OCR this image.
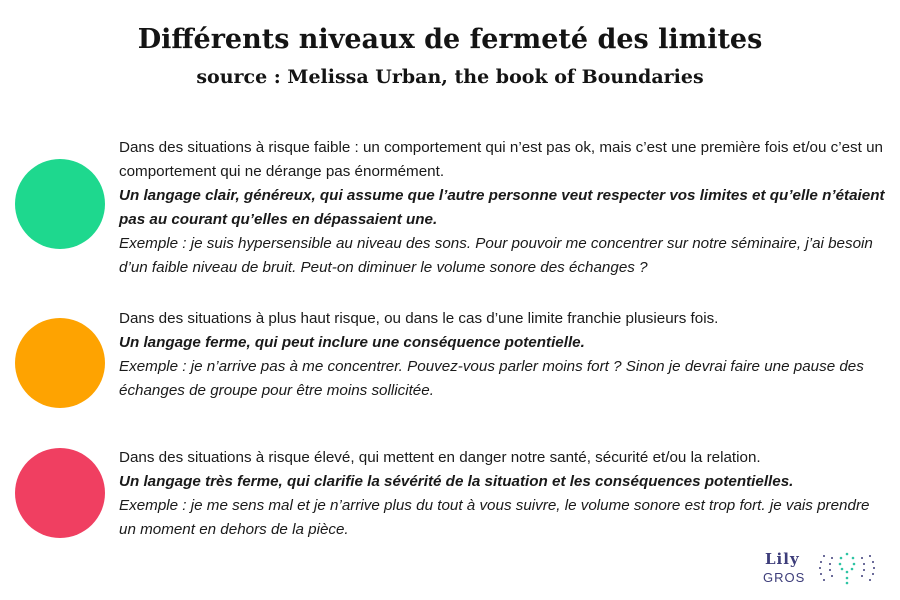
Différents niveaux de fermeté des limites
source : Melissa Urban, the book of Boundaries

Dans des situations à risque faible : un comportement qui n’est pas ok, mais c’est une première fois et/ou c’est un comportement qui ne dérange pas énormément.

Un langage clair, généreux, qui assume que l’autre personne veut respecter vos limites et qu’elle n’étaient pas au courant qu’elles en dépassaient une.

Exemple : je suis hypersensible au niveau des sons. Pour pouvoir me concentrer sur notre séminaire, j’ai besoin d’un faible niveau de bruit. Peut-on diminuer le volume sonore des échanges ?

Dans des situations à plus haut risque, ou dans le cas d’une limite franchie plusieurs fois.

Un langage ferme, qui peut inclure une conséquence potentielle.

Exemple : je n’arrive pas à me concentrer. Pouvez-vous parler moins fort ? Sinon je devrai faire une pause des échanges de groupe pour être moins sollicitée.

Dans des situations à risque élevé, qui mettent en danger notre santé, sécurité et/ou la relation.

Un langage très ferme, qui clarifie la sévérité de la situation et les conséquences potentielles.

Exemple : je me sens mal et je n’arrive plus du tout à vous suivre, le volume sonore est trop fort. je vais prendre un moment en dehors de la pièce.

Lily
GROS
